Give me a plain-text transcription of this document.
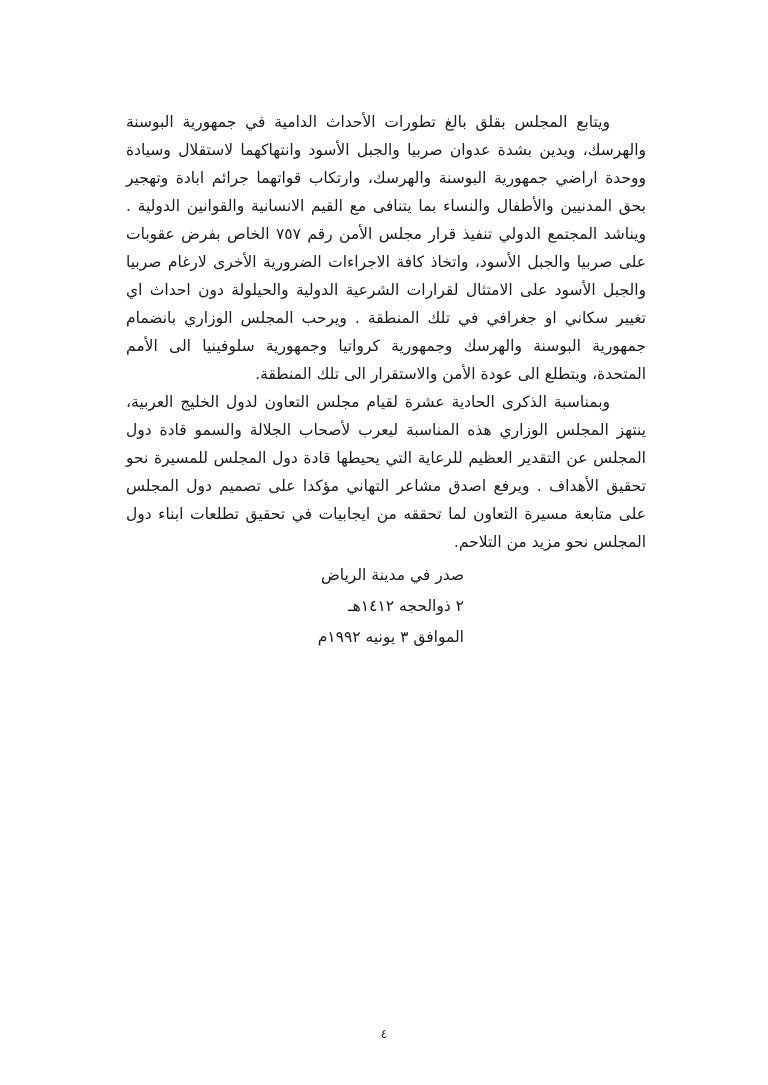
ويتابع المجلس بقلق بالغ تطورات الأحداث الدامية في جمهورية البوسنة والهرسك، ويدين بشدة عدوان صربيا والجبل الأسود وانتهاكهما لاستقلال وسيادة ووحدة اراضي جمهورية البوسنة والهرسك، وارتكاب قواتهما جرائم ابادة وتهجير بحق المدنيين والأطفال والنساء بما يتنافى مع القيم الانسانية والقوانين الدولية . ويناشد المجتمع الدولي تنفيذ قرار مجلس الأمن رقم ٧٥٧ الخاص بفرض عقوبات على صربيا والجبل الأسود، واتخاذ كافة الاجراءات الضرورية الأخرى لارغام صربيا والجبل الأسود على الامتثال لقرارات الشرعية الدولية والحيلولة دون احداث اي تغيير سكاني او جغرافي في تلك المنطقة . ويرحب المجلس الوزاري بانضمام جمهورية البوسنة والهرسك وجمهورية كرواتيا وجمهورية سلوفينيا الى الأمم المتحدة، ويتطلع الى عودة الأمن والاستقرار الى تلك المنطقة.

وبمناسبة الذكرى الحادية عشرة لقيام مجلس التعاون لدول الخليج العربية، ينتهز المجلس الوزاري هذه المناسبة ليعرب لأصحاب الجلالة والسمو قادة دول المجلس عن التقدير العظيم للرعاية التي يحيطها قادة دول المجلس للمسيرة نحو تحقيق الأهداف . ويرفع اصدق مشاعر التهاني مؤكدا على تصميم دول المجلس على متابعة مسيرة التعاون لما تحققه من ايجابيات في تحقيق تطلعات ابناء دول المجلس نحو مزيد من التلاحم.

صدر في مدينة الرياض

٢ ذوالحجه ١٤١٢هـ

الموافق ٣ يونيه ١٩٩٢م

٤
